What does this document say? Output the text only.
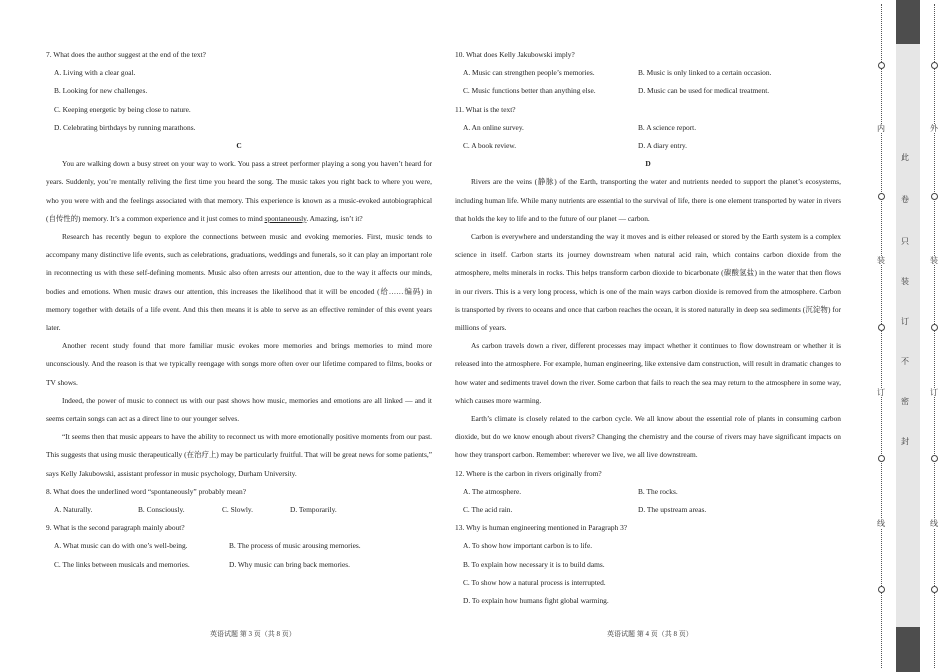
7. What does the author suggest at the end of the text?
A. Living with a clear goal.
B. Looking for new challenges.
C. Keeping energetic by being close to nature.
D. Celebrating birthdays by running marathons.
C
You are walking down a busy street on your way to work. You pass a street performer playing a song you haven’t heard for years. Suddenly, you’re mentally reliving the first time you heard the song. The music takes you right back to where you were, who you were with and the feelings associated with that memory. This experience is known as a music-evoked autobiographical (自传性的) memory. It’s a common experience and it just comes to mind spontaneously. Amazing, isn’t it?
Research has recently begun to explore the connections between music and evoking memories. First, music tends to accompany many distinctive life events, such as celebrations, graduations, weddings and funerals, so it can play an important role in reconnecting us with these self-defining moments. Music also often arrests our attention, due to the way it affects our minds, bodies and emotions. When music draws our attention, this increases the likelihood that it will be encoded (给……编码) in memory together with details of a life event. And this then means it is able to serve as an effective reminder of this event years later.
Another recent study found that more familiar music evokes more memories and brings memories to mind more unconsciously. And the reason is that we typically reengage with songs more often over our lifetime compared to films, books or TV shows.
Indeed, the power of music to connect us with our past shows how music, memories and emotions are all linked — and it seems certain songs can act as a direct line to our younger selves.
“It seems then that music appears to have the ability to reconnect us with more emotionally positive moments from our past. This suggests that using music therapeutically (在治疗上) may be particularly fruitful. That will be great news for some patients,” says Kelly Jakubowski, assistant professor in music psychology, Durham University.
8. What does the underlined word “spontaneously” probably mean?
A. Naturally.	B. Consciously.	C. Slowly.	D. Temporarily.
9. What is the second paragraph mainly about?
A. What music can do with one’s well-being.	B. The process of music arousing memories.
C. The links between musicals and memories.	D. Why music can bring back memories.
10. What does Kelly Jakubowski imply?
A. Music can strengthen people’s memories.	B. Music is only linked to a certain occasion.
C. Music functions better than anything else.	D. Music can be used for medical treatment.
11. What is the text?
A. An online survey.	B. A science report.
C. A book review.	D. A diary entry.
D
Rivers are the veins (静脉) of the Earth, transporting the water and nutrients needed to support the planet’s ecosystems, including human life. While many nutrients are essential to the survival of life, there is one element transported by water in rivers that holds the key to life and to the future of our planet — carbon.
Carbon is everywhere and understanding the way it moves and is either released or stored by the Earth system is a complex science in itself. Carbon starts its journey downstream when natural acid rain, which contains carbon dioxide from the atmosphere, melts minerals in rocks. This helps transform carbon dioxide to bicarbonate (碳酸氢盐) in the water that then flows in our rivers. This is a very long process, which is one of the main ways carbon dioxide is removed from the atmosphere. Carbon is transported by rivers to oceans and once that carbon reaches the ocean, it is stored naturally in deep sea sediments (沉淀物) for millions of years.
As carbon travels down a river, different processes may impact whether it continues to flow downstream or whether it is released into the atmosphere. For example, human engineering, like extensive dam construction, will result in dramatic changes to how water and sediments travel down the river. Some carbon that fails to reach the sea may return to the atmosphere in some way, which causes more warming.
Earth’s climate is closely related to the carbon cycle. We all know about the essential role of plants in consuming carbon dioxide, but do we know enough about rivers? Changing the chemistry and the course of rivers may have significant impacts on how they transport carbon. Remember: wherever we live, we all live downstream.
12. Where is the carbon in rivers originally from?
A. The atmosphere.	B. The rocks.
C. The acid rain.	D. The upstream areas.
13. Why is human engineering mentioned in Paragraph 3?
A. To show how important carbon is to life.
B. To explain how necessary it is to build dams.
C. To show how a natural process is interrupted.
D. To explain how humans fight global warming.
英语试题 第 3 页（共 8 页）	英语试题 第 4 页（共 8 页）
内
装
订
线
外
装
订
线
此
卷
只
装
订
不
密
封
